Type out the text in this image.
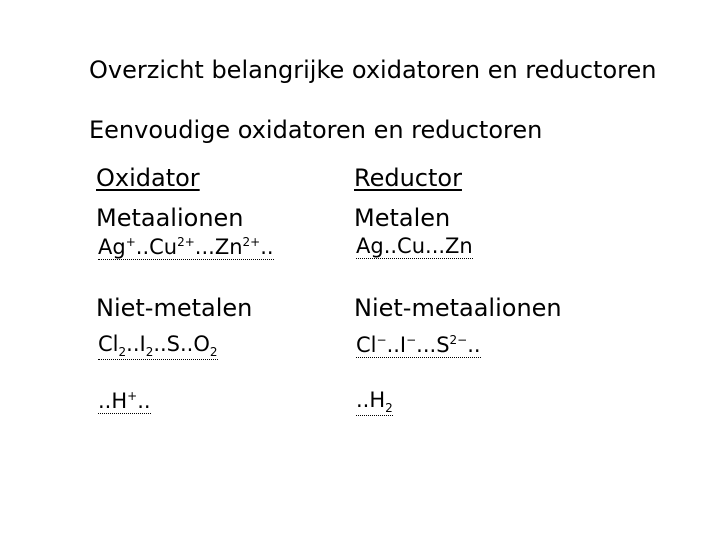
Overzicht belangrijke oxidatoren en reductoren
Eenvoudige oxidatoren en reductoren
Oxidator
Metaalionen
$Ag^+..Cu^{2+}...Zn^{2+}$..
Niet-metalen
$Cl_2..I_2..S..O_2$
..H+..
Reductor
Metalen
Ag..Cu...Zn
Niet-metaalionen
$Cl^-..I^-...S^{2-}$..
$..H_2$
